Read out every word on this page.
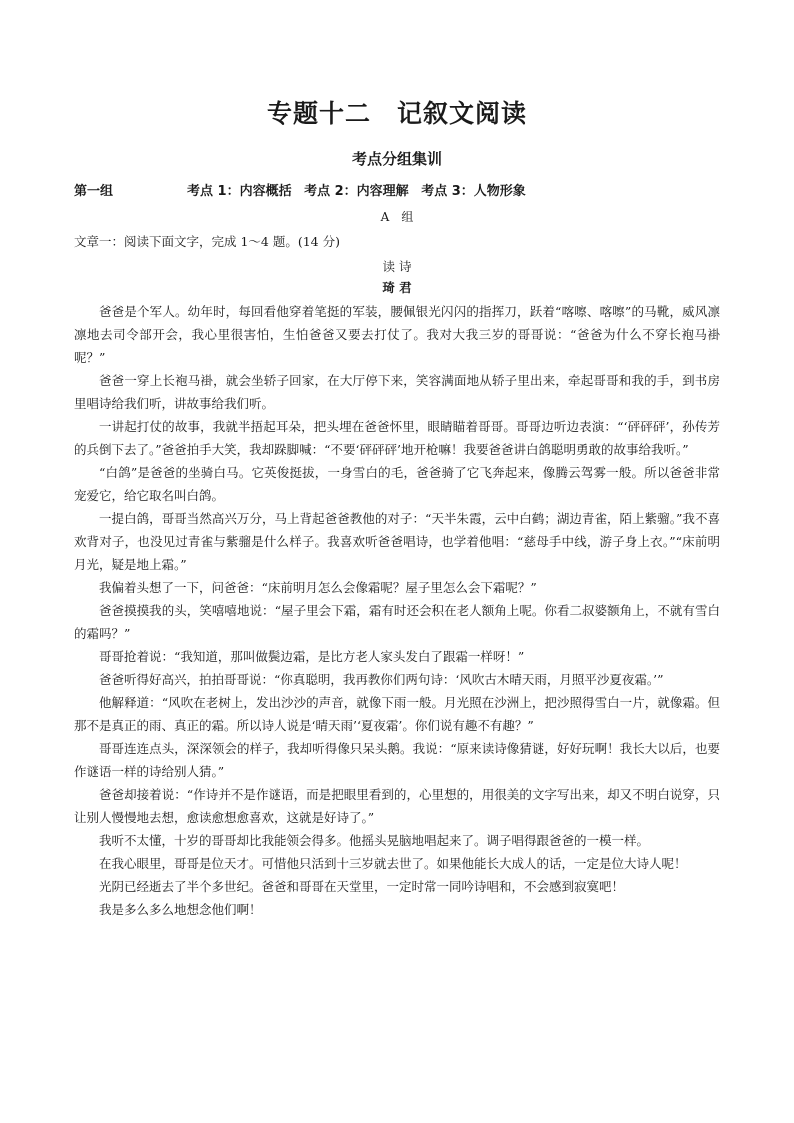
专题十二　记叙文阅读
考点分组集训
第一组	考点 1：内容概括 考点 2：内容理解 考点 3：人物形象
A　组
文章一：阅读下面文字，完成 1～4 题。(14 分)
读 诗
琦 君

爸爸是个军人。幼年时，每回看他穿着笔挺的军装，腰佩银光闪闪的指挥刀，跃着“喀嚓、喀嚓”的马靴，威风凛凛地去司令部开会，我心里很害怕，生怕爸爸又要去打仗了。我对大我三岁的哥哥说：“爸爸为什么不穿长袍马褂呢？”

爸爸一穿上长袍马褂，就会坐轿子回家，在大厅停下来，笑容满面地从轿子里出来，牵起哥哥和我的手，到书房里唱诗给我们听，讲故事给我们听。

一讲起打仗的故事，我就半捂起耳朵，把头埋在爸爸怀里，眼睛瞄着哥哥。哥哥边听边表演：“‘砰砰砰’，孙传芳的兵倒下去了。”爸爸拍手大笑，我却跺脚喊：“不要‘砰砰砰’地开枪嘛！我要爸爸讲白鸽聪明勇敢的故事给我听。”

“白鸽”是爸爸的坐骑白马。它英俊挺拔，一身雪白的毛，爸爸骑了它飞奔起来，像腾云驾雾一般。所以爸爸非常宠爱它，给它取名叫白鸽。

一提白鸽，哥哥当然高兴万分，马上背起爸爸教他的对子：“天半朱霞，云中白鹤；湖边青雀，陌上紫骝。”我不喜欢背对子，也没见过青雀与紫骝是什么样子。我喜欢听爸爸唱诗，也学着他唱：“慈母手中线，游子身上衣。”“床前明月光，疑是地上霜。”

我偏着头想了一下，问爸爸：“床前明月怎么会像霜呢？屋子里怎么会下霜呢？”

爸爸摸摸我的头，笑嘻嘻地说：“屋子里会下霜，霜有时还会积在老人额角上呢。你看二叔婆额角上，不就有雪白的霜吗？”

哥哥抢着说：“我知道，那叫做鬓边霜，是比方老人家头发白了跟霜一样呀！”

爸爸听得好高兴，拍拍哥哥说：“你真聪明，我再教你们两句诗：‘风吹古木晴天雨，月照平沙夏夜霜。’”

他解释道：“风吹在老树上，发出沙沙的声音，就像下雨一般。月光照在沙洲上，把沙照得雪白一片，就像霜。但那不是真正的雨、真正的霜。所以诗人说是‘晴天雨’‘夏夜霜’。你们说有趣不有趣？”

哥哥连连点头，深深领会的样子，我却听得像只呆头鹅。我说：“原来读诗像猜谜，好好玩啊！我长大以后，也要作谜语一样的诗给别人猜。”

爸爸却接着说：“作诗并不是作谜语，而是把眼里看到的，心里想的，用很美的文字写出来，却又不明白说穿，只让别人慢慢地去想，愈读愈想愈喜欢，这就是好诗了。”

我听不太懂，十岁的哥哥却比我能领会得多。他摇头晃脑地唱起来了。调子唱得跟爸爸的一模一样。

在我心眼里，哥哥是位天才。可惜他只活到十三岁就去世了。如果他能长大成人的话，一定是位大诗人呢！

光阴已经逝去了半个多世纪。爸爸和哥哥在天堂里，一定时常一同吟诗唱和，不会感到寂寞吧！

我是多么多么地想念他们啊！
